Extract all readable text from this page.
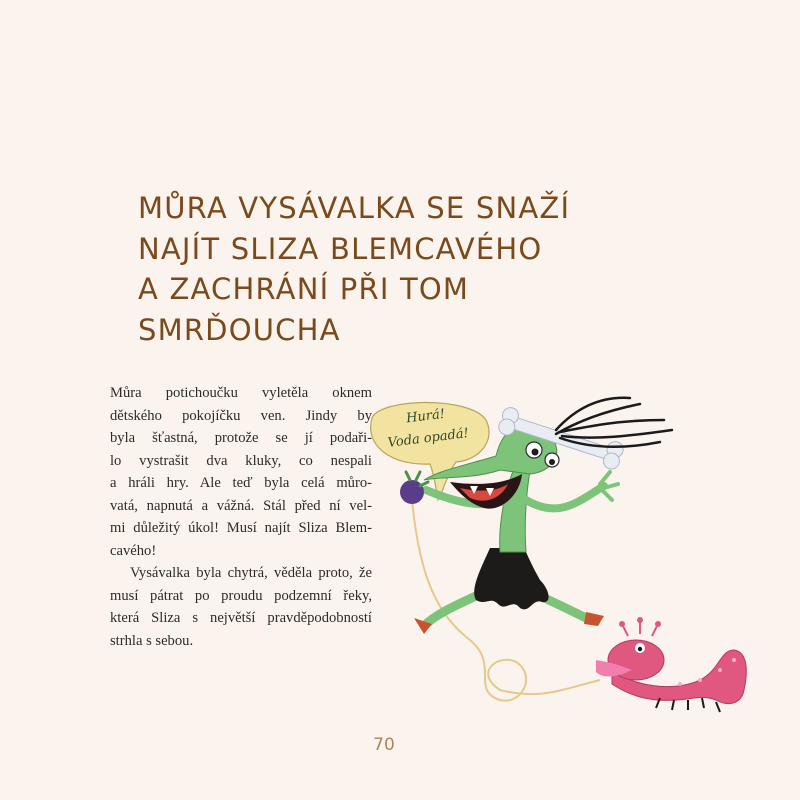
MŮRA VYSÁVALKA SE SNAŽÍ
NAJÍT SLIZA BLEMCAVÉHO
A ZACHRÁNÍ PŘI TOM
SMRĎOUCHA
Můra potichoučku vyletěla oknem
dětského pokojíčku ven. Jindy by
byla šťastná, protože se jí podaři-
lo vystrašit dva kluky, co nespali
a hráli hry. Ale teď byla celá můro-
vatá, napnutá a vážná. Stál před ní vel-
mi důležitý úkol! Musí najít Sliza Blem-
cavého!
Vysávalka byla chytrá, věděla proto, že
musí pátrat po proudu podzemní řeky,
která Sliza s největší pravděpodobností
strhla s sebou.
Hurá!
Voda opadá!
70
